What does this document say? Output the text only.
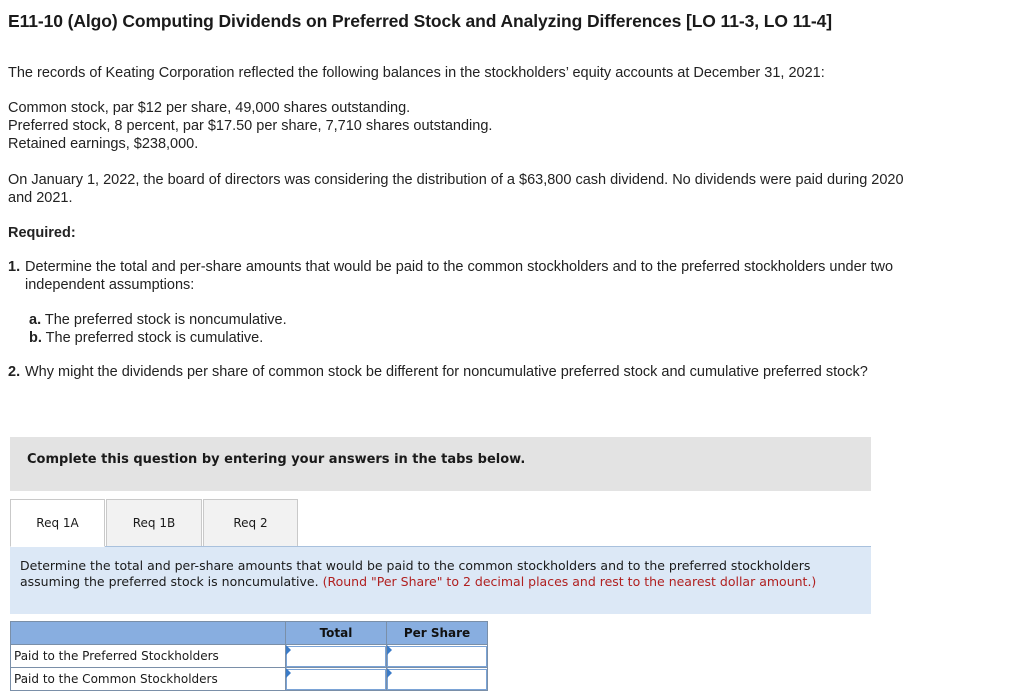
E11-10 (Algo) Computing Dividends on Preferred Stock and Analyzing Differences [LO 11-3, LO 11-4]

The records of Keating Corporation reflected the following balances in the stockholders’ equity accounts at December 31, 2021:

Common stock, par $12 per share, 49,000 shares outstanding.
Preferred stock, 8 percent, par $17.50 per share, 7,710 shares outstanding.
Retained earnings, $238,000.

On January 1, 2022, the board of directors was considering the distribution of a $63,800 cash dividend. No dividends were paid during 2020 and 2021.

Required:

1. Determine the total and per-share amounts that would be paid to the common stockholders and to the preferred stockholders under two independent assumptions:
a. The preferred stock is noncumulative.
b. The preferred stock is cumulative.
2. Why might the dividends per share of common stock be different for noncumulative preferred stock and cumulative preferred stock?
Complete this question by entering your answers in the tabs below.
Req 1A	Req 1B	Req 2
Determine the total and per-share amounts that would be paid to the common stockholders and to the preferred stockholders assuming the preferred stock is noncumulative. (Round "Per Share" to 2 decimal places and rest to the nearest dollar amount.)
	Total	Per Share
Paid to the Preferred Stockholders	

Paid to the Common Stockholders	
